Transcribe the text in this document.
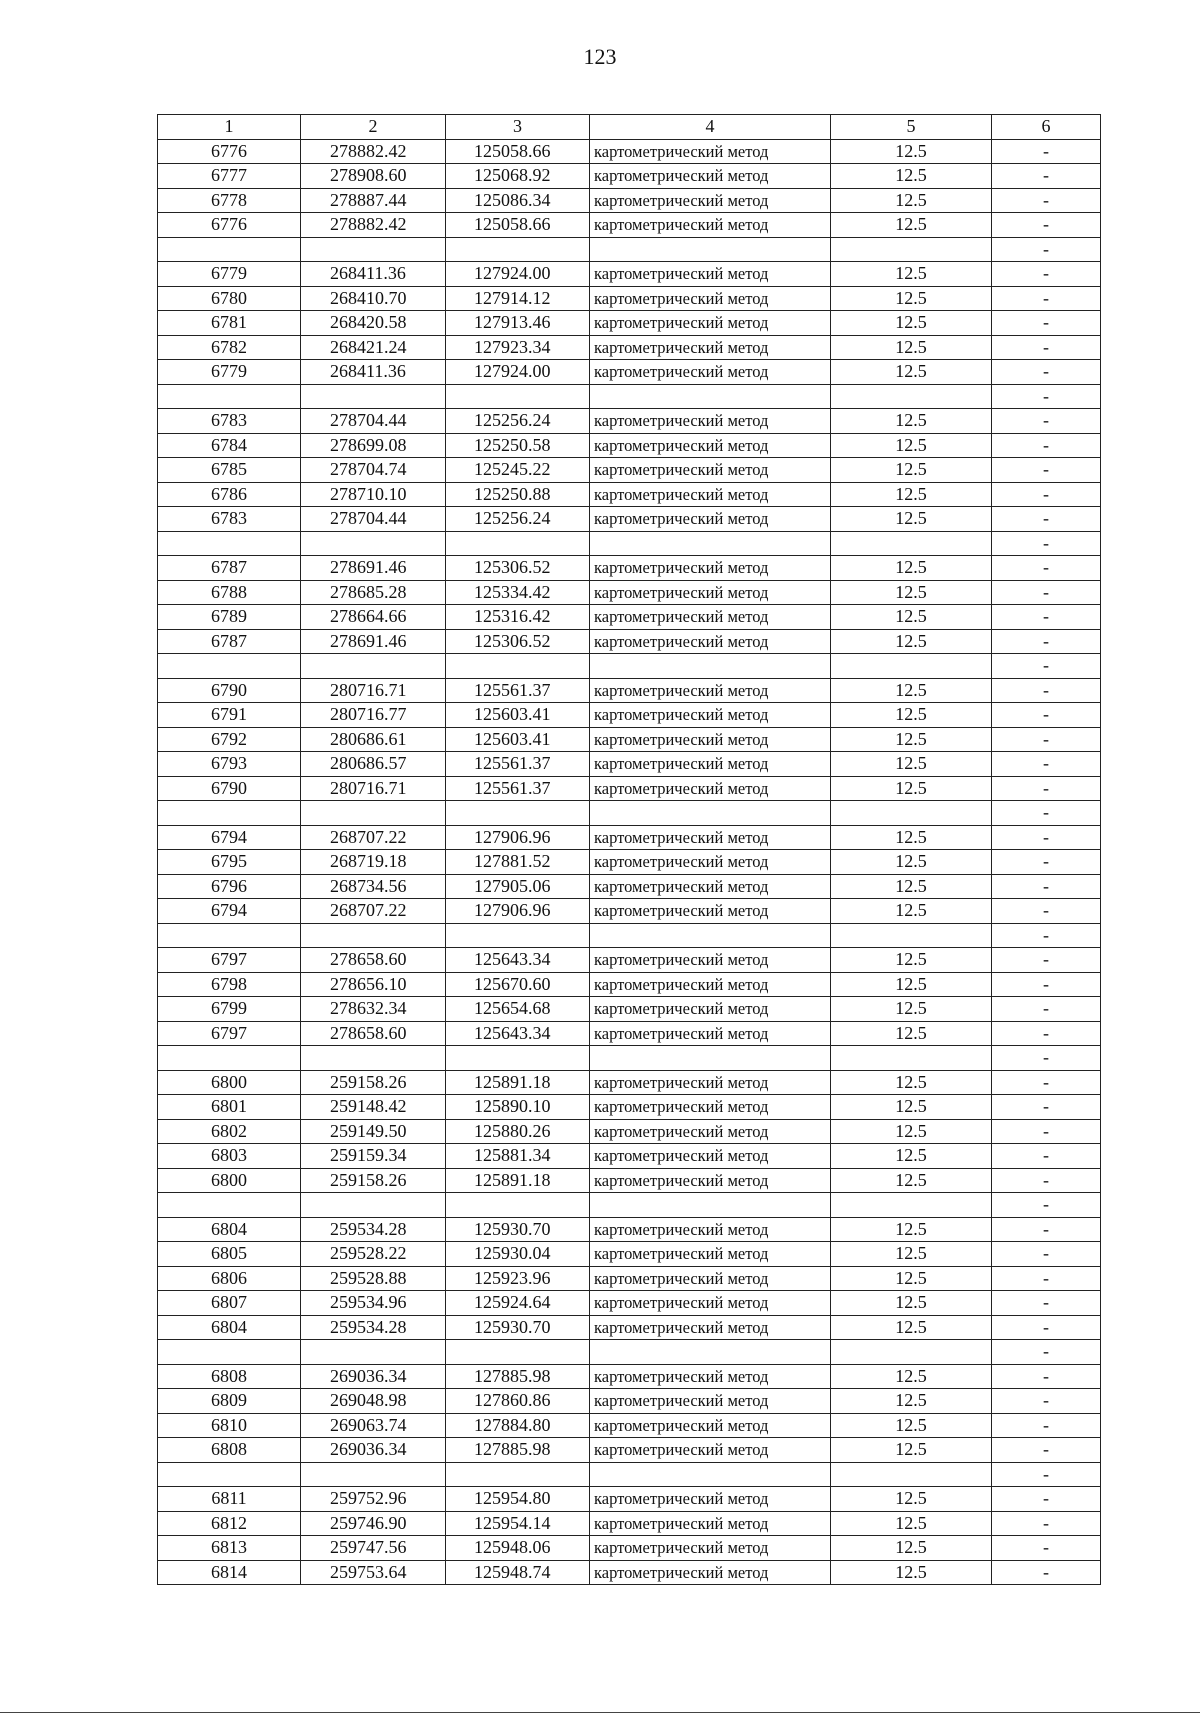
123
1	2	3	4	5	6
6776	278882.42	125058.66	картометрический метод	12.5	-
6777	278908.60	125068.92	картометрический метод	12.5	-
6778	278887.44	125086.34	картометрический метод	12.5	-
6776	278882.42	125058.66	картометрический метод	12.5	-
					-
6779	268411.36	127924.00	картометрический метод	12.5	-
6780	268410.70	127914.12	картометрический метод	12.5	-
6781	268420.58	127913.46	картометрический метод	12.5	-
6782	268421.24	127923.34	картометрический метод	12.5	-
6779	268411.36	127924.00	картометрический метод	12.5	-
					-
6783	278704.44	125256.24	картометрический метод	12.5	-
6784	278699.08	125250.58	картометрический метод	12.5	-
6785	278704.74	125245.22	картометрический метод	12.5	-
6786	278710.10	125250.88	картометрический метод	12.5	-
6783	278704.44	125256.24	картометрический метод	12.5	-
					-
6787	278691.46	125306.52	картометрический метод	12.5	-
6788	278685.28	125334.42	картометрический метод	12.5	-
6789	278664.66	125316.42	картометрический метод	12.5	-
6787	278691.46	125306.52	картометрический метод	12.5	-
					-
6790	280716.71	125561.37	картометрический метод	12.5	-
6791	280716.77	125603.41	картометрический метод	12.5	-
6792	280686.61	125603.41	картометрический метод	12.5	-
6793	280686.57	125561.37	картометрический метод	12.5	-
6790	280716.71	125561.37	картометрический метод	12.5	-
					-
6794	268707.22	127906.96	картометрический метод	12.5	-
6795	268719.18	127881.52	картометрический метод	12.5	-
6796	268734.56	127905.06	картометрический метод	12.5	-
6794	268707.22	127906.96	картометрический метод	12.5	-
					-
6797	278658.60	125643.34	картометрический метод	12.5	-
6798	278656.10	125670.60	картометрический метод	12.5	-
6799	278632.34	125654.68	картометрический метод	12.5	-
6797	278658.60	125643.34	картометрический метод	12.5	-
					-
6800	259158.26	125891.18	картометрический метод	12.5	-
6801	259148.42	125890.10	картометрический метод	12.5	-
6802	259149.50	125880.26	картометрический метод	12.5	-
6803	259159.34	125881.34	картометрический метод	12.5	-
6800	259158.26	125891.18	картометрический метод	12.5	-
					-
6804	259534.28	125930.70	картометрический метод	12.5	-
6805	259528.22	125930.04	картометрический метод	12.5	-
6806	259528.88	125923.96	картометрический метод	12.5	-
6807	259534.96	125924.64	картометрический метод	12.5	-
6804	259534.28	125930.70	картометрический метод	12.5	-
					-
6808	269036.34	127885.98	картометрический метод	12.5	-
6809	269048.98	127860.86	картометрический метод	12.5	-
6810	269063.74	127884.80	картометрический метод	12.5	-
6808	269036.34	127885.98	картометрический метод	12.5	-
					-
6811	259752.96	125954.80	картометрический метод	12.5	-
6812	259746.90	125954.14	картометрический метод	12.5	-
6813	259747.56	125948.06	картометрический метод	12.5	-
6814	259753.64	125948.74	картометрический метод	12.5	-
